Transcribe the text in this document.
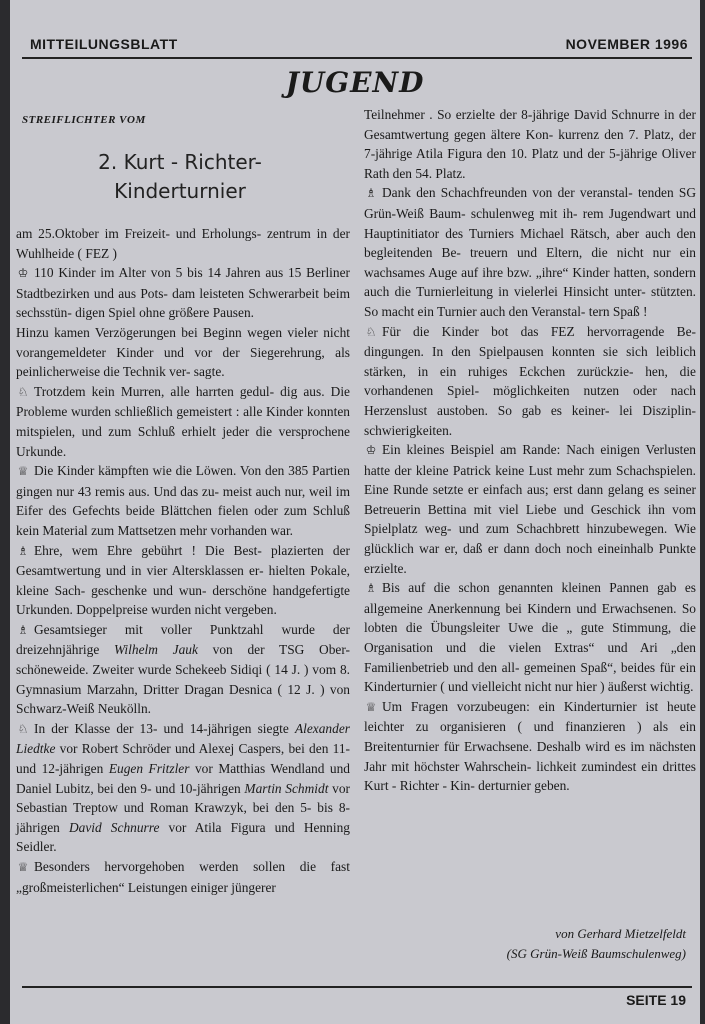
MITTEILUNGSBLATT	NOVEMBER 1996
JUGEND
STREIFLICHTER VOM
2. Kurt - Richter-
Kinderturnier

am 25.Oktober im Freizeit- und Erholungs- zentrum in der Wuhlheide ( FEZ )

♔ 110 Kinder im Alter von 5 bis 14 Jahren aus 15 Berliner Stadtbezirken und aus Pots- dam leisteten Schwerarbeit beim sechsstün- digen Spiel ohne größere Pausen.

Hinzu kamen Verzögerungen bei Beginn wegen vieler nicht vorangemeldeter Kinder und vor der Siegerehrung, als peinlicherweise die Technik ver- sagte.

♘ Trotzdem kein Murren, alle harrten gedul- dig aus. Die Probleme wurden schließlich gemeistert : alle Kinder konnten mitspielen, und zum Schluß erhielt jeder die versprochene Urkunde.

♕ Die Kinder kämpften wie die Löwen. Von den 385 Partien gingen nur 43 remis aus. Und das zu- meist auch nur, weil im Eifer des Gefechts beide Blättchen fielen oder zum Schluß kein Material zum Mattsetzen mehr vorhanden war.

♗ Ehre, wem Ehre gebührt ! Die Best- plazierten der Gesamtwertung und in vier Altersklassen er- hielten Pokale, kleine Sach- geschenke und wun- derschöne handgefertigte Urkunden. Doppelpreise wurden nicht vergeben.

♗ Gesamtsieger mit voller Punktzahl wurde der dreizehnjährige Wilhelm Jauk von der TSG Ober- schöneweide. Zweiter wurde Schekeeb Sidiqi ( 14 J. ) vom 8. Gymnasium Marzahn, Dritter Dragan Desnica ( 12 J. ) von Schwarz-Weiß Neukölln.

♘ In der Klasse der 13- und 14-jährigen siegte Alexander Liedtke vor Robert Schröder und Alexej Caspers, bei den 11- und 12-jährigen Eugen Fritzler vor Matthias Wendland und Daniel Lubitz, bei den 9- und 10-jährigen Martin Schmidt vor Sebastian Treptow und Roman Krawzyk, bei den 5- bis 8-jährigen David Schnurre vor Atila Figura und Henning Seidler.

♕ Besonders hervorgehoben werden sollen die fast „großmeisterlichen“ Leistungen einiger jüngerer

Teilnehmer . So erzielte der 8-jährige David Schnurre in der Gesamtwertung gegen ältere Kon- kurrenz den 7. Platz, der 7-jährige Atila Figura den 10. Platz und der 5-jährige Oliver Rath den 54. Platz.

♗ Dank den Schachfreunden von der veranstal- tenden SG Grün-Weiß Baum- schulenweg mit ih- rem Jugendwart und Hauptinitiator des Turniers Michael Rätsch, aber auch den begleitenden Be- treuern und Eltern, die nicht nur ein wachsames Auge auf ihre bzw. „ihre“ Kinder hatten, sondern auch die Turnierleitung in vielerlei Hinsicht unter- stützten. So macht ein Turnier auch den Veranstal- tern Spaß !

♘ Für die Kinder bot das FEZ hervorragende Be- dingungen. In den Spielpausen konnten sie sich leiblich stärken, in ein ruhiges Eckchen zurückzie- hen, die vorhandenen Spiel- möglichkeiten nutzen oder nach Herzenslust austoben. So gab es keiner- lei Disziplin- schwierigkeiten.

♔ Ein kleines Beispiel am Rande: Nach einigen Verlusten hatte der kleine Patrick keine Lust mehr zum Schachspielen. Eine Runde setzte er einfach aus; erst dann gelang es seiner Betreuerin Bettina mit viel Liebe und Geschick ihn vom Spielplatz weg- und zum Schachbrett hinzubewegen. Wie glücklich war er, daß er dann doch noch eineinhalb Punkte erzielte.

♗ Bis auf die schon genannten kleinen Pannen gab es allgemeine Anerkennung bei Kindern und Erwachsenen. So lobten die Übungsleiter Uwe die „ gute Stimmung, die Organisation und die vielen Extras“ und Ari „den Familienbetrieb und den all- gemeinen Spaß“, beides für ein Kinderturnier ( und vielleicht nicht nur hier ) äußerst wichtig.

♕ Um Fragen vorzubeugen: ein Kinderturnier ist heute leichter zu organisieren ( und finanzieren ) als ein Breitenturnier für Erwachsene. Deshalb wird es im nächsten Jahr mit höchster Wahrschein- lichkeit zumindest ein drittes Kurt - Richter - Kin- derturnier geben.

von Gerhard Mietzelfeldt
(SG Grün-Weiß Baumschulenweg)
SEITE 19
